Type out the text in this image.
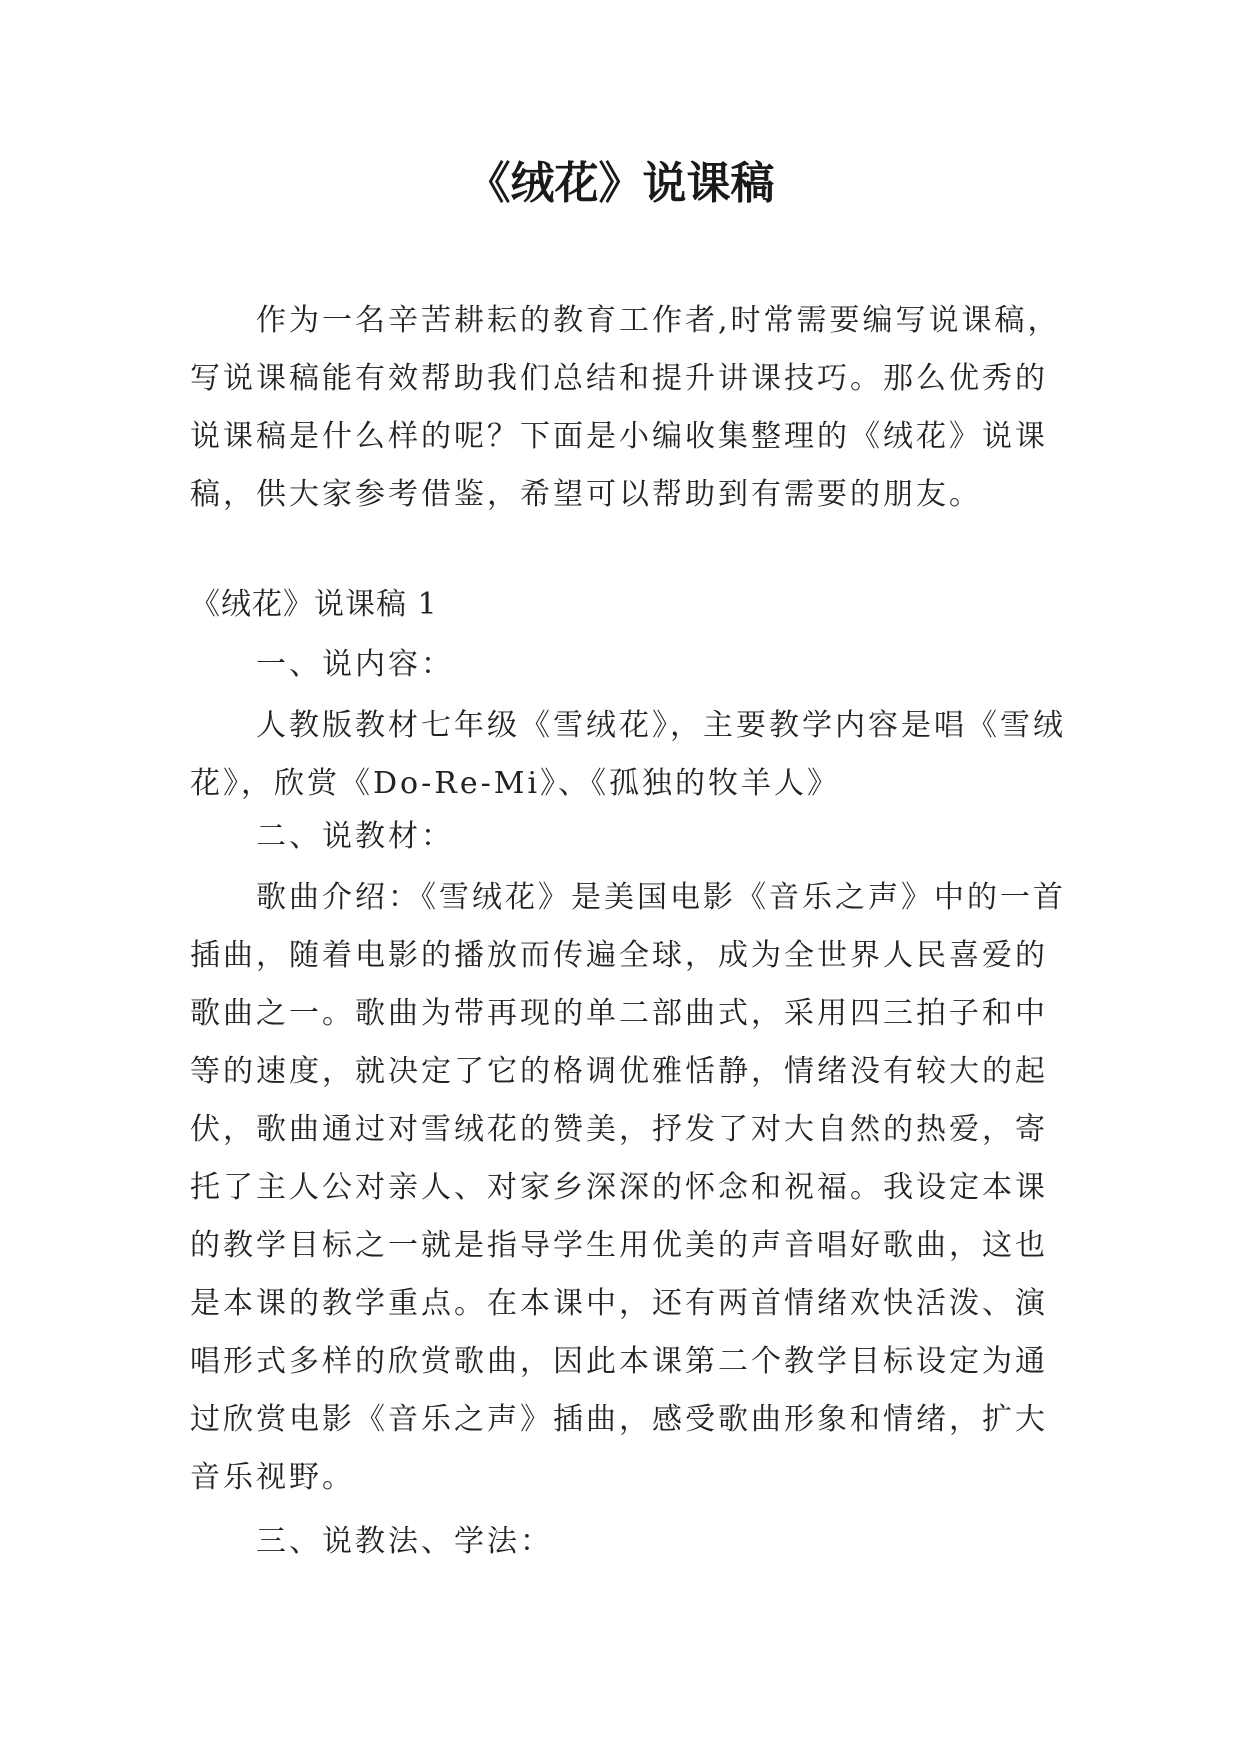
《绒花》说课稿

作为一名辛苦耕耘的教育工作者,时常需要编写说课稿，写说课稿能有效帮助我们总结和提升讲课技巧。那么优秀的说课稿是什么样的呢？下面是小编收集整理的《绒花》说课稿，供大家参考借鉴，希望可以帮助到有需要的朋友。

《绒花》说课稿 1

一、说内容：

人教版教材七年级《雪绒花》，主要教学内容是唱《雪绒花》，欣赏《Do-Re-Mi》、《孤独的牧羊人》

二、说教材：

歌曲介绍：《雪绒花》是美国电影《音乐之声》中的一首插曲，随着电影的播放而传遍全球，成为全世界人民喜爱的歌曲之一。歌曲为带再现的单二部曲式，采用四三拍子和中等的速度，就决定了它的格调优雅恬静，情绪没有较大的起伏，歌曲通过对雪绒花的赞美，抒发了对大自然的热爱，寄托了主人公对亲人、对家乡深深的怀念和祝福。我设定本课的教学目标之一就是指导学生用优美的声音唱好歌曲，这也是本课的教学重点。在本课中，还有两首情绪欢快活泼、演唱形式多样的欣赏歌曲，因此本课第二个教学目标设定为通过欣赏电影《音乐之声》插曲，感受歌曲形象和情绪，扩大音乐视野。

三、说教法、学法：
